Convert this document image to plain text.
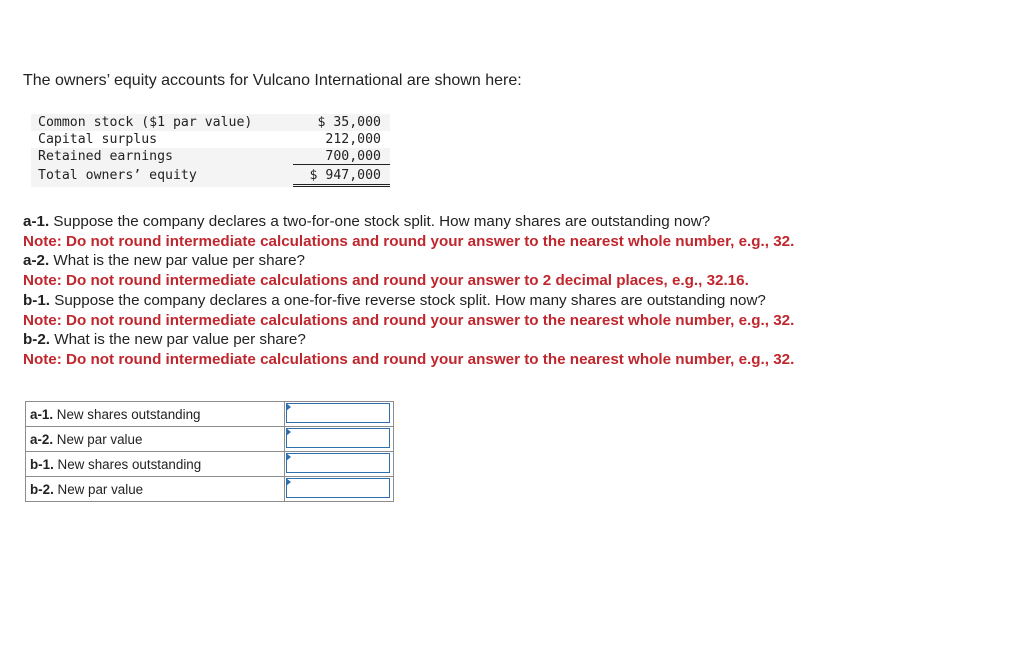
The owners’ equity accounts for Vulcano International are shown here:
Common stock ($1 par value)	$ 35,000
Capital surplus	212,000
Retained earnings	700,000
Total owners’ equity	$ 947,000
a-1. Suppose the company declares a two-for-one stock split. How many shares are outstanding now?
Note: Do not round intermediate calculations and round your answer to the nearest whole number, e.g., 32.
a-2. What is the new par value per share?
Note: Do not round intermediate calculations and round your answer to 2 decimal places, e.g., 32.16.
b-1. Suppose the company declares a one-for-five reverse stock split. How many shares are outstanding now?
Note: Do not round intermediate calculations and round your answer to the nearest whole number, e.g., 32.
b-2. What is the new par value per share?
Note: Do not round intermediate calculations and round your answer to the nearest whole number, e.g., 32.
a-1. New shares outstanding	

a-2. New par value	

b-1. New shares outstanding	

b-2. New par value	
